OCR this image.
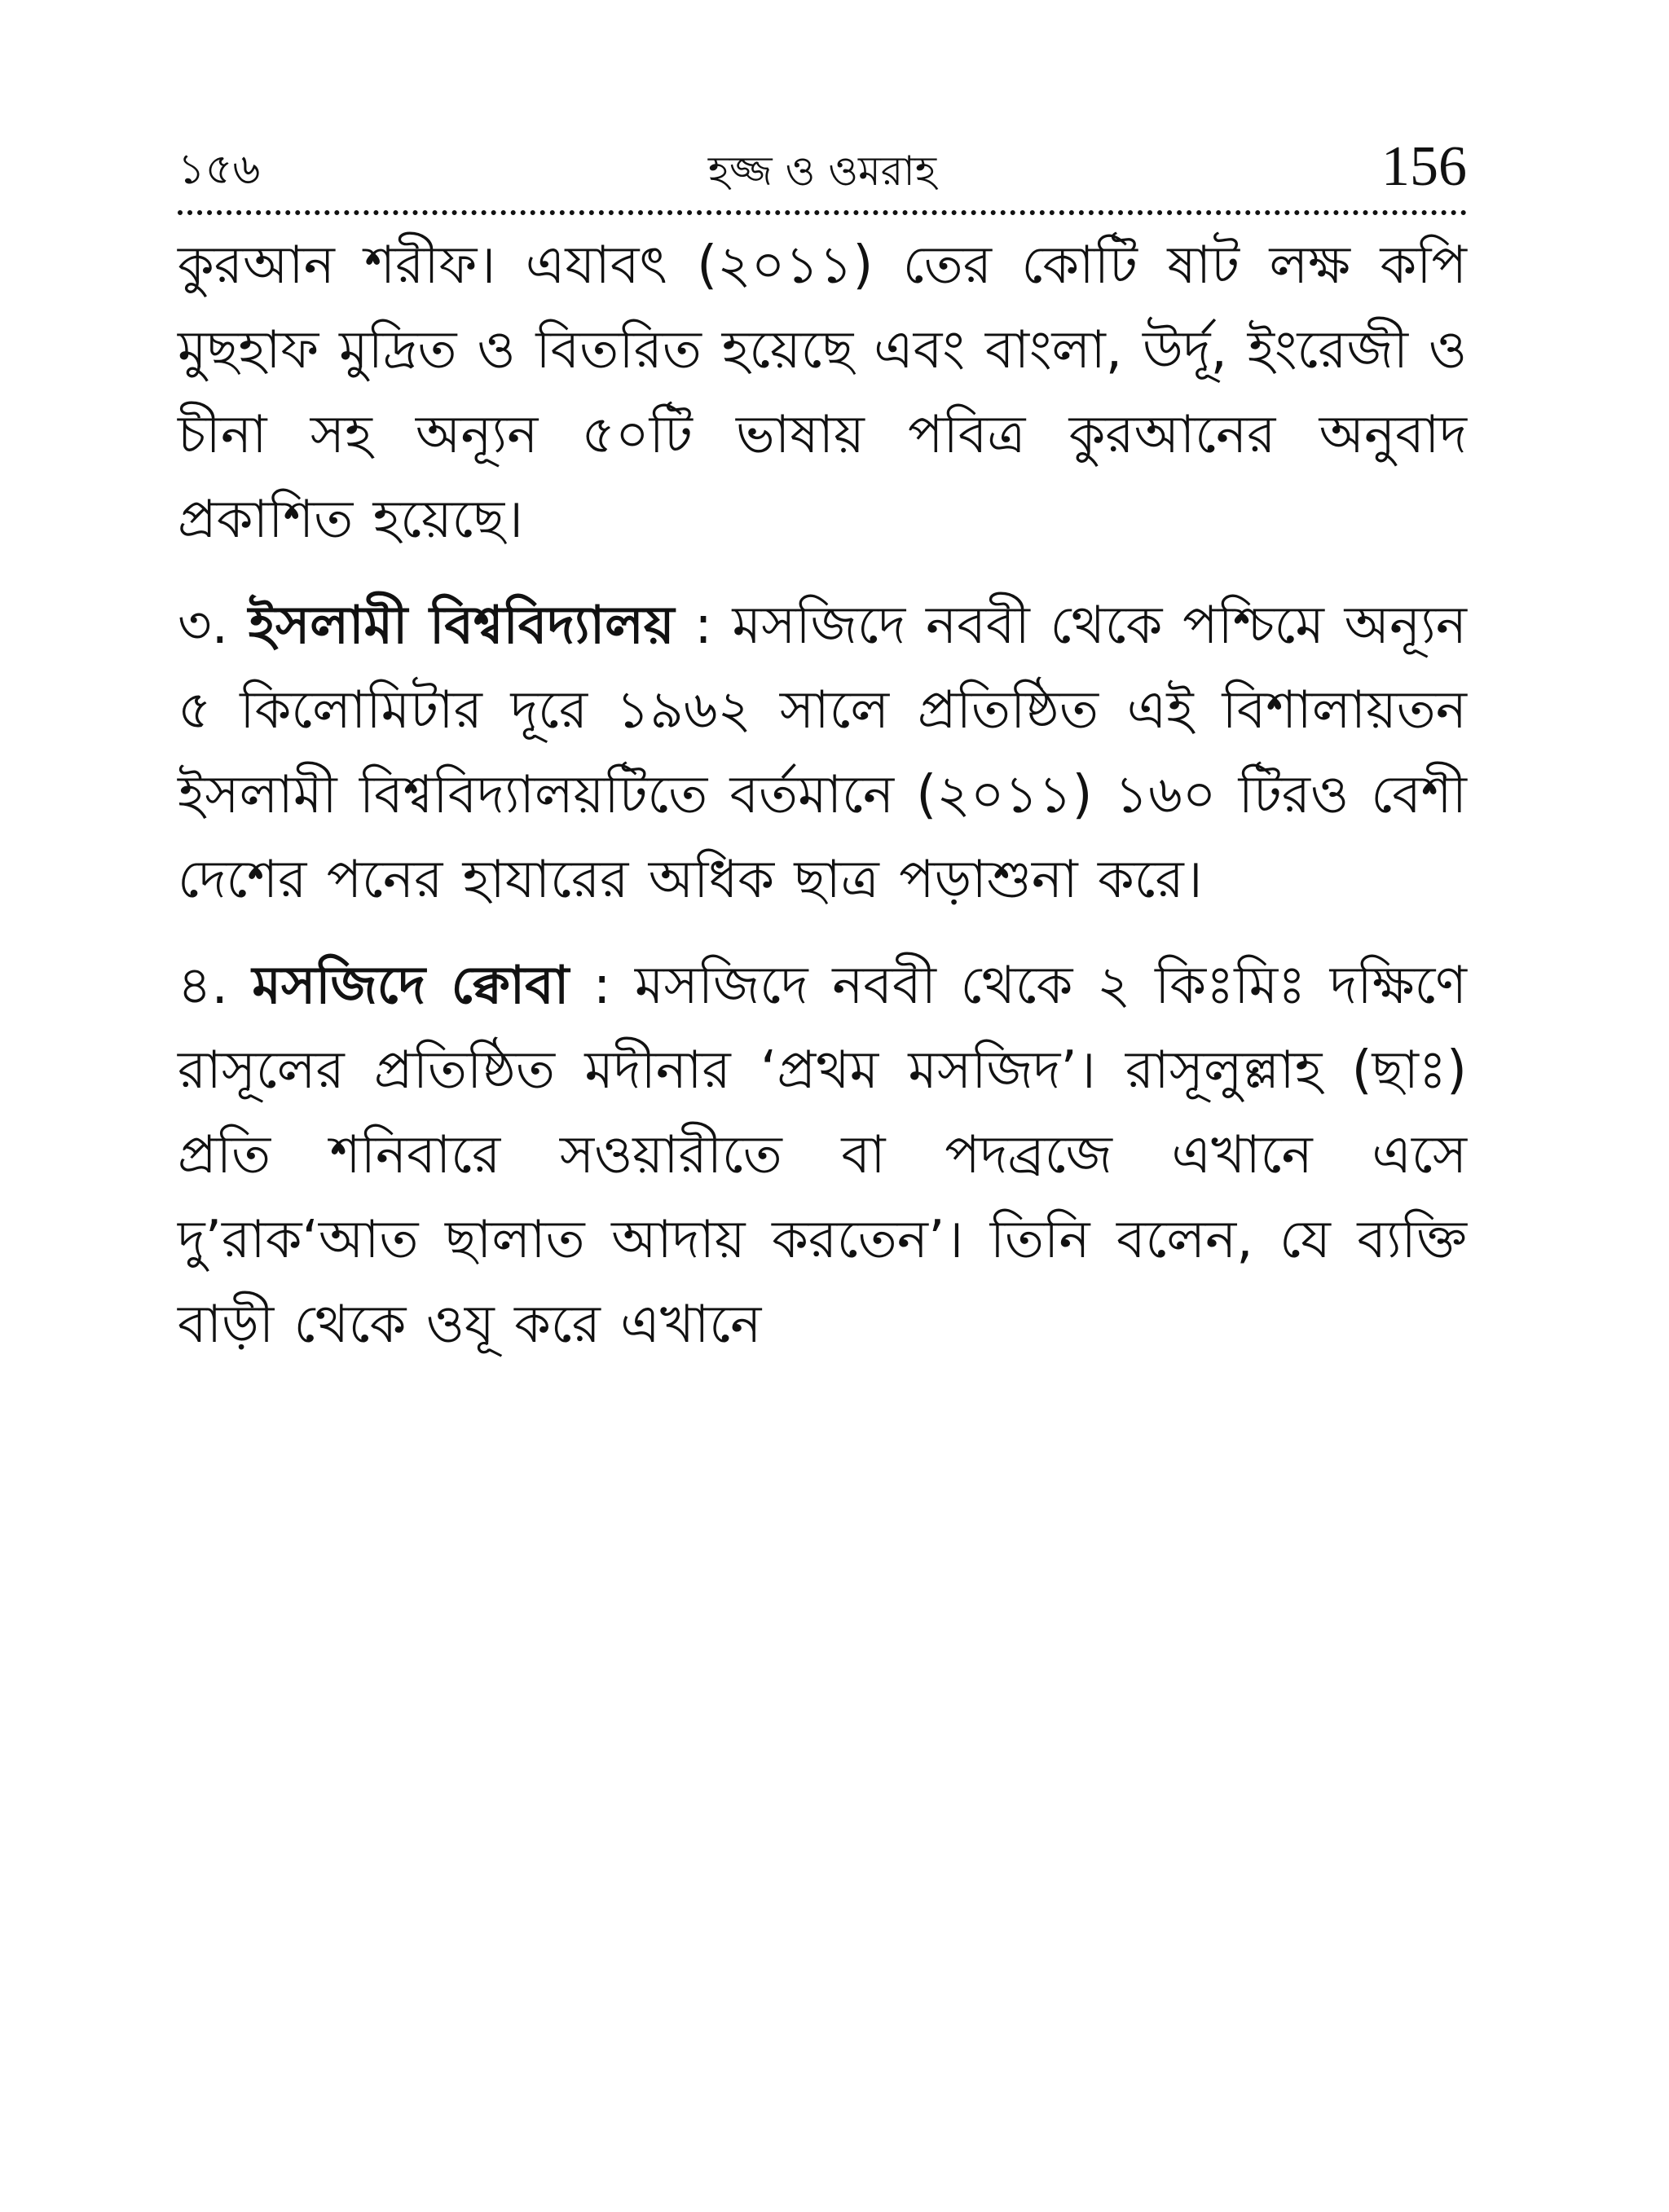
১৫৬	হজ্জ ও ওমরাহ	156

কুরআন শরীফ। এযাবৎ (২০১১) তের কোটি ষাট লক্ষ কপি মুছহাফ মুদ্রিত ও বিতরিত হয়েছে এবং বাংলা, উর্দূ, ইংরেজী ও চীনা সহ অন্যূন ৫০টি ভাষায় পবিত্র কুরআনের অনুবাদ প্রকাশিত হয়েছে।

৩. ইসলামী বিশ্ববিদ্যালয় : মসজিদে নববী থেকে পশ্চিমে অন্যূন ৫ কিলোমিটার দূরে ১৯৬২ সালে প্রতিষ্ঠিত এই বিশালায়তন ইসলামী বিশ্ববিদ্যালয়টিতে বর্তমানে (২০১১) ১৬০ টিরও বেশী দেশের পনের হাযারের অধিক ছাত্র পড়াশুনা করে।

৪. মসজিদে ক্বোবা : মসজিদে নববী থেকে ২ কিঃমিঃ দক্ষিণে রাসূলের প্রতিষ্ঠিত মদীনার ‘প্রথম মসজিদ’। রাসূলুল্লাহ (ছাঃ) প্রতি শনিবারে সওয়ারীতে বা পদব্রজে এখানে এসে দু’রাক‘আত ছালাত আদায় করতেন’। তিনি বলেন, যে ব্যক্তি বাড়ী থেকে ওযূ করে এখানে
